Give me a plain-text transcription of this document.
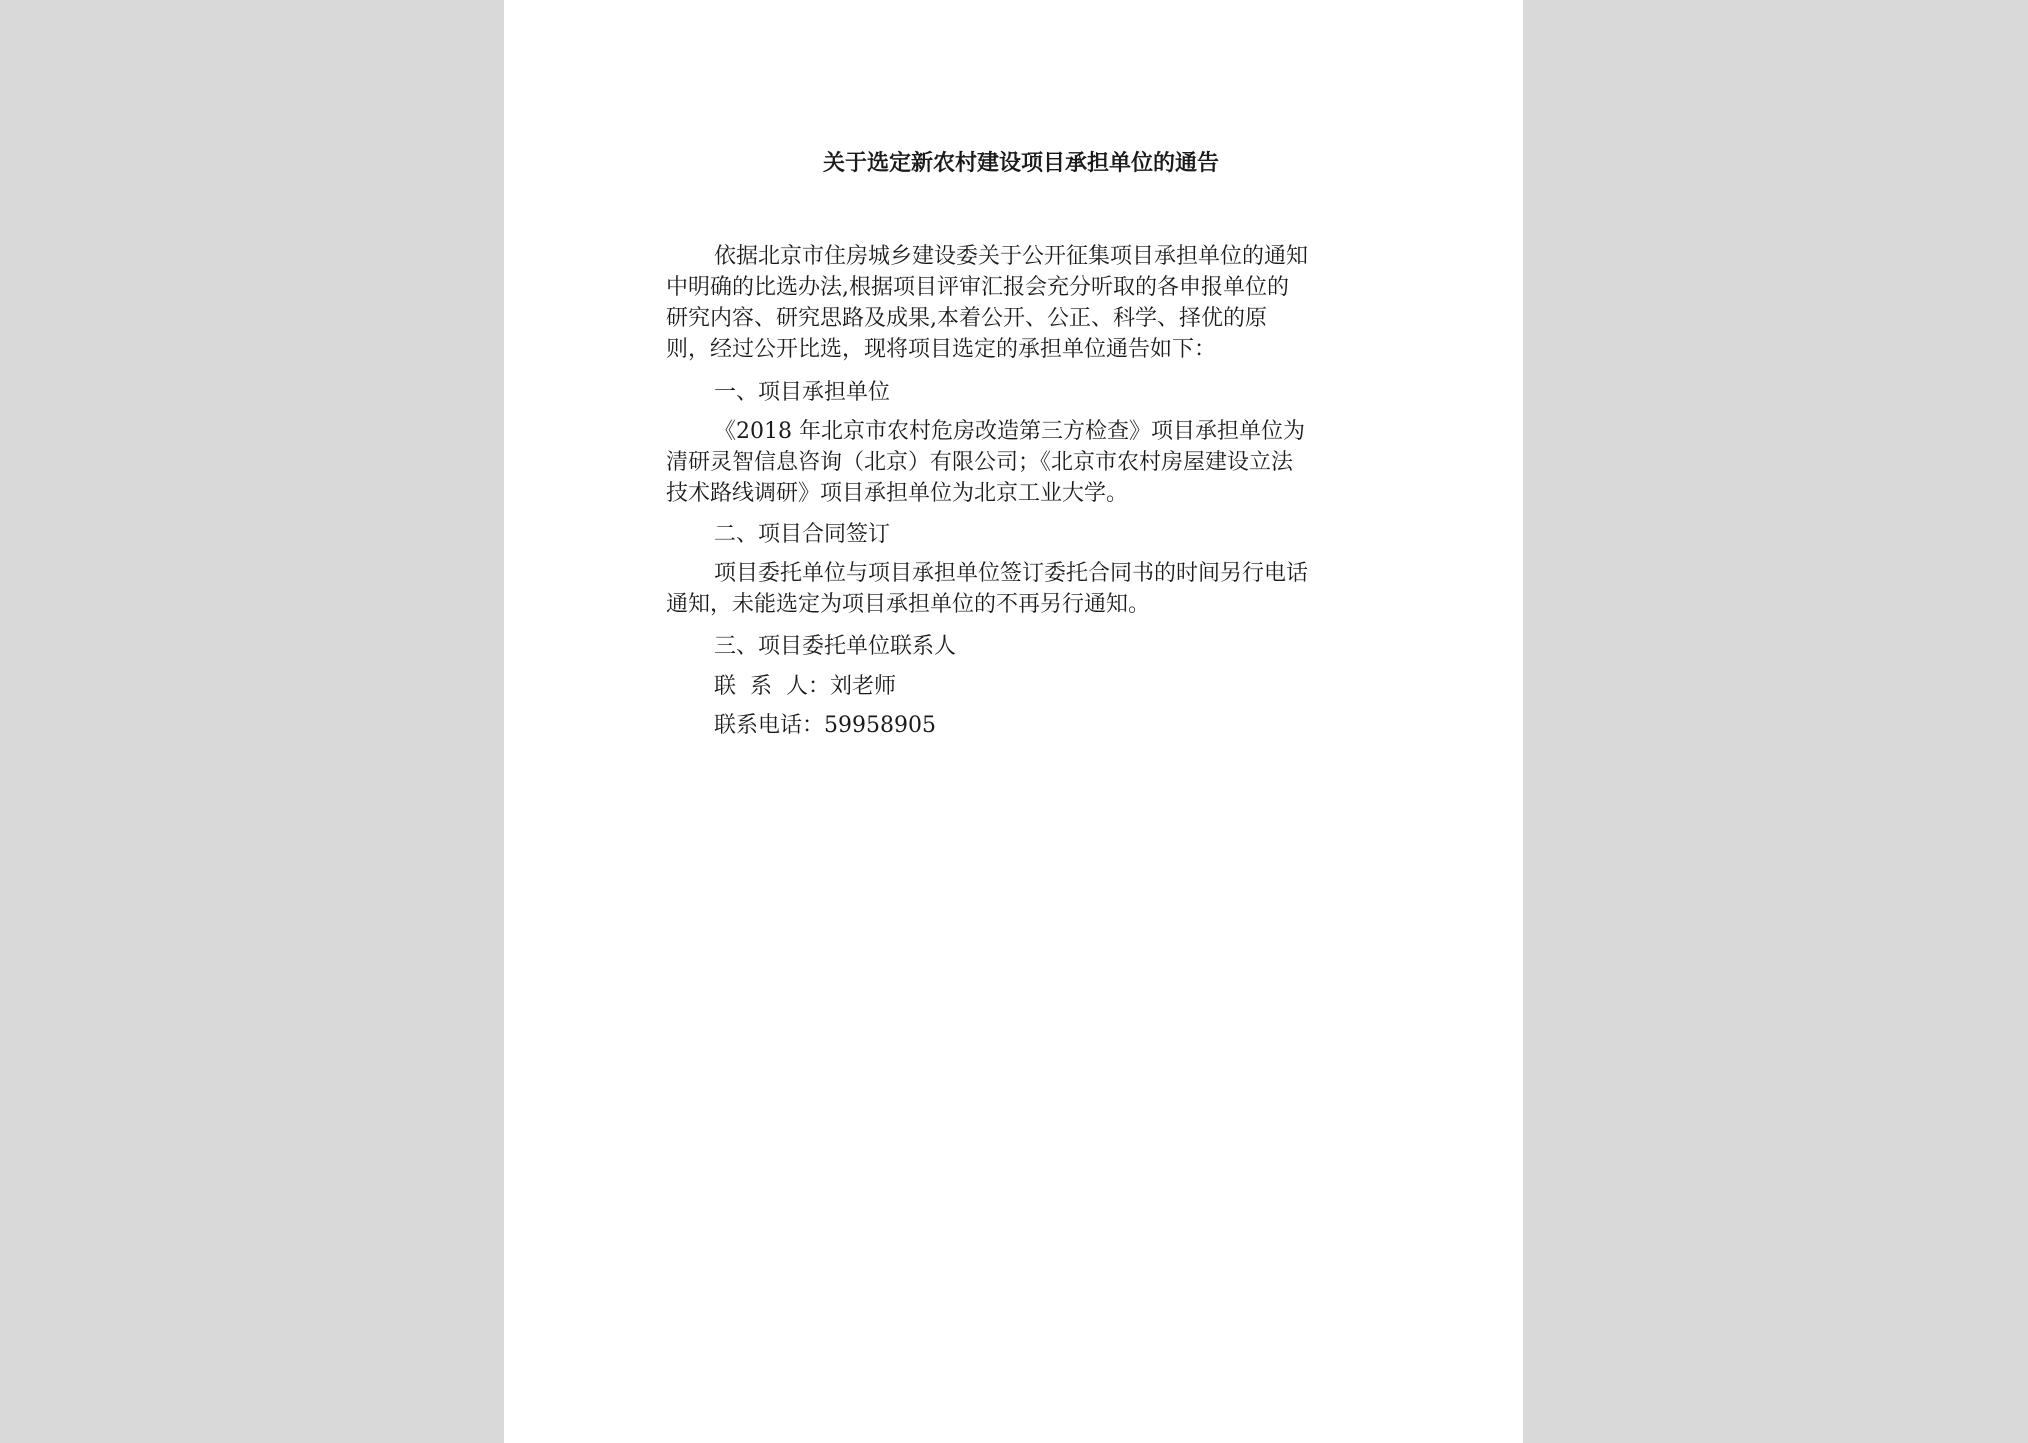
关于选定新农村建设项目承担单位的通告
依据北京市住房城乡建设委关于公开征集项目承担单位的通知
中明确的比选办法,根据项目评审汇报会充分听取的各申报单位的
研究内容、研究思路及成果,本着公开、公正、科学、择优的原
则，经过公开比选，现将项目选定的承担单位通告如下：
一、项目承担单位
《2018 年北京市农村危房改造第三方检查》项目承担单位为
清研灵智信息咨询（北京）有限公司；《北京市农村房屋建设立法
技术路线调研》项目承担单位为北京工业大学。
二、项目合同签订
项目委托单位与项目承担单位签订委托合同书的时间另行电话
通知，未能选定为项目承担单位的不再另行通知。
三、项目委托单位联系人
联  系  人：刘老师
联系电话：59958905
